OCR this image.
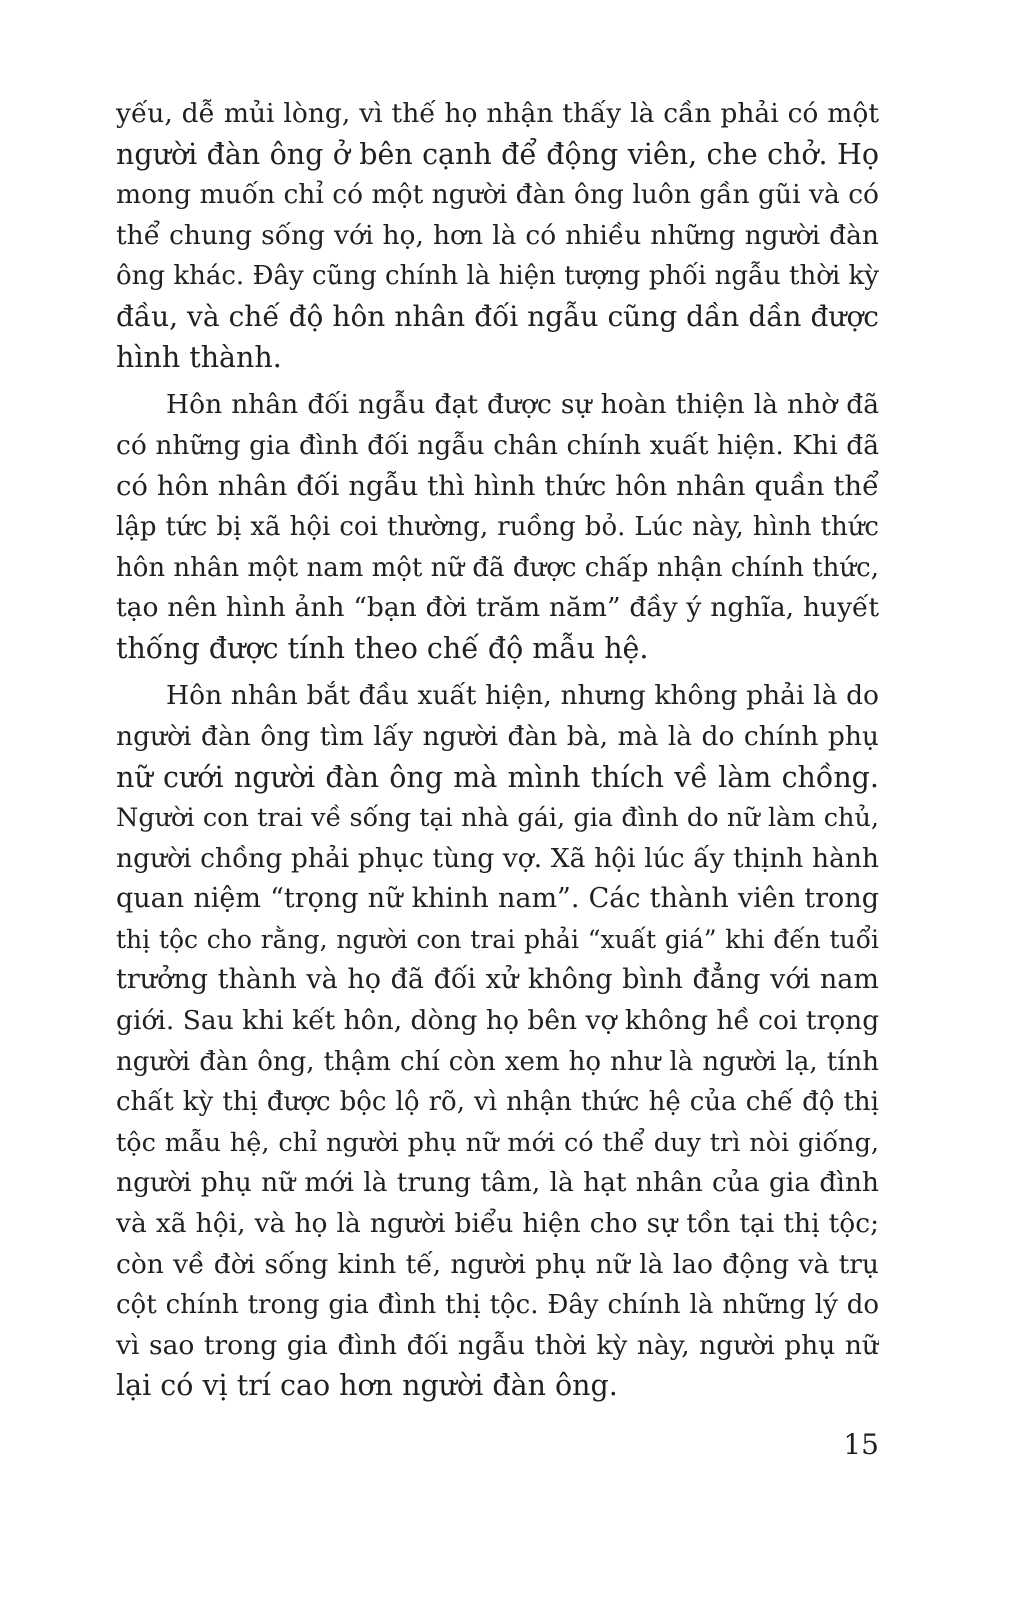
yếu, dễ mủi lòng, vì thế họ nhận thấy là cần phải có một
người đàn ông ở bên cạnh để động viên, che chở. Họ
mong muốn chỉ có một người đàn ông luôn gần gũi và có
thể chung sống với họ, hơn là có nhiều những người đàn
ông khác. Đây cũng chính là hiện tượng phối ngẫu thời kỳ
đầu, và chế độ hôn nhân đối ngẫu cũng dần dần được
hình thành.
Hôn nhân đối ngẫu đạt được sự hoàn thiện là nhờ đã
có những gia đình đối ngẫu chân chính xuất hiện. Khi đã
có hôn nhân đối ngẫu thì hình thức hôn nhân quần thể
lập tức bị xã hội coi thường, ruồng bỏ. Lúc này, hình thức
hôn nhân một nam một nữ đã được chấp nhận chính thức,
tạo nên hình ảnh “bạn đời trăm năm” đầy ý nghĩa, huyết
thống được tính theo chế độ mẫu hệ.
Hôn nhân bắt đầu xuất hiện, nhưng không phải là do
người đàn ông tìm lấy người đàn bà, mà là do chính phụ
nữ cưới người đàn ông mà mình thích về làm chồng.
Người con trai về sống tại nhà gái, gia đình do nữ làm chủ,
người chồng phải phục tùng vợ. Xã hội lúc ấy thịnh hành
quan niệm “trọng nữ khinh nam”. Các thành viên trong
thị tộc cho rằng, người con trai phải “xuất giá” khi đến tuổi
trưởng thành và họ đã đối xử không bình đẳng với nam
giới. Sau khi kết hôn, dòng họ bên vợ không hề coi trọng
người đàn ông, thậm chí còn xem họ như là người lạ, tính
chất kỳ thị được bộc lộ rõ, vì nhận thức hệ của chế độ thị
tộc mẫu hệ, chỉ người phụ nữ mới có thể duy trì nòi giống,
người phụ nữ mới là trung tâm, là hạt nhân của gia đình
và xã hội, và họ là người biểu hiện cho sự tồn tại thị tộc;
còn về đời sống kinh tế, người phụ nữ là lao động và trụ
cột chính trong gia đình thị tộc. Đây chính là những lý do
vì sao trong gia đình đối ngẫu thời kỳ này, người phụ nữ
lại có vị trí cao hơn người đàn ông.
15
